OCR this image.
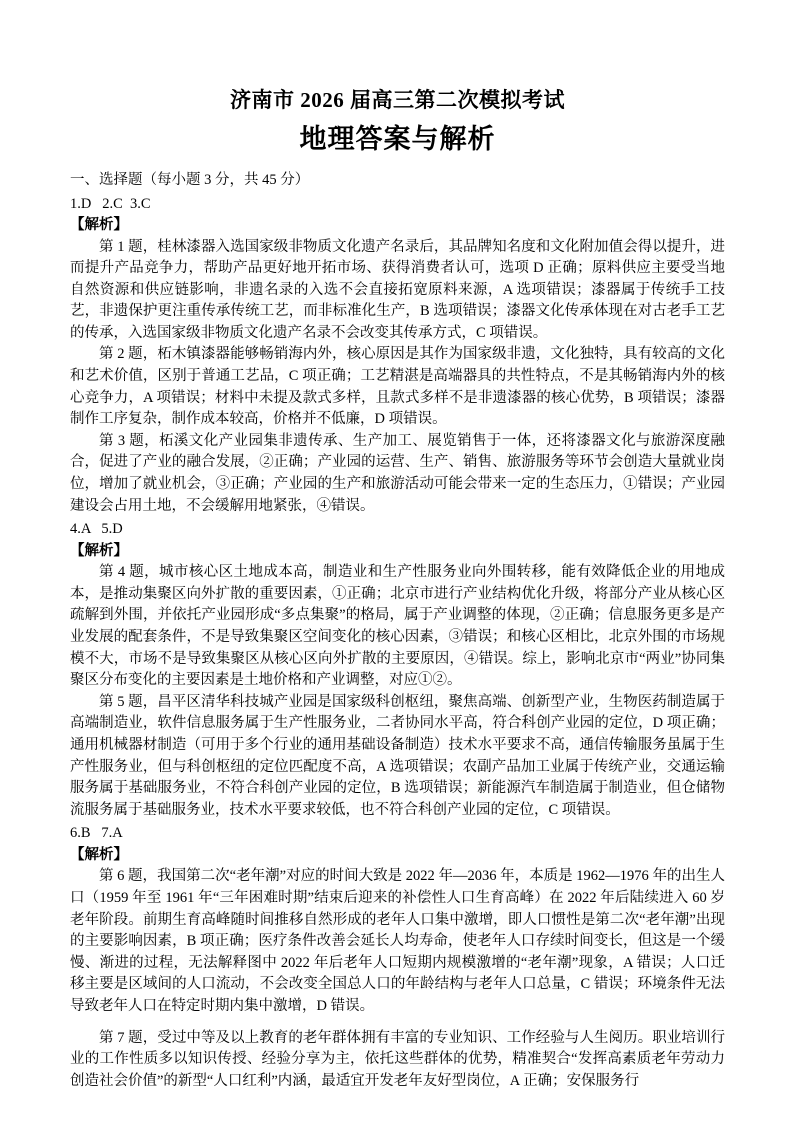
济南市 2026 届高三第二次模拟考试
地理答案与解析

一、选择题（每小题 3 分，共 45 分）

1.D   2.C  3.C

【解析】

第 1 题，桂林漆器入选国家级非物质文化遗产名录后，其品牌知名度和文化附加值会得以提升，进而提升产品竞争力，帮助产品更好地开拓市场、获得消费者认可，选项 D 正确；原料供应主要受当地自然资源和供应链影响，非遗名录的入选不会直接拓宽原料来源，A 选项错误；漆器属于传统手工技艺，非遗保护更注重传承传统工艺，而非标准化生产，B 选项错误；漆器文化传承体现在对古老手工艺的传承，入选国家级非物质文化遗产名录不会改变其传承方式，C 项错误。

第 2 题，柘木镇漆器能够畅销海内外，核心原因是其作为国家级非遗，文化独特，具有较高的文化和艺术价值，区别于普通工艺品，C 项正确；工艺精湛是高端器具的共性特点，不是其畅销海内外的核心竞争力，A 项错误；材料中未提及款式多样，且款式多样不是非遗漆器的核心优势，B 项错误；漆器制作工序复杂，制作成本较高，价格并不低廉，D 项错误。

第 3 题，柘溪文化产业园集非遗传承、生产加工、展览销售于一体，还将漆器文化与旅游深度融合，促进了产业的融合发展，②正确；产业园的运营、生产、销售、旅游服务等环节会创造大量就业岗位，增加了就业机会，③正确；产业园的生产和旅游活动可能会带来一定的生态压力，①错误；产业园建设会占用土地，不会缓解用地紧张，④错误。

4.A   5.D

【解析】

第 4 题，城市核心区土地成本高，制造业和生产性服务业向外围转移，能有效降低企业的用地成本，是推动集聚区向外扩散的重要因素，①正确；北京市进行产业结构优化升级，将部分产业从核心区疏解到外围，并依托产业园形成“多点集聚”的格局，属于产业调整的体现，②正确；信息服务更多是产业发展的配套条件，不是导致集聚区空间变化的核心因素，③错误；和核心区相比，北京外围的市场规模不大，市场不是导致集聚区从核心区向外扩散的主要原因，④错误。综上，影响北京市“两业”协同集聚区分布变化的主要因素是土地价格和产业调整，对应①②。

第 5 题，昌平区清华科技城产业园是国家级科创枢纽，聚焦高端、创新型产业，生物医药制造属于高端制造业，软件信息服务属于生产性服务业，二者协同水平高，符合科创产业园的定位，D 项正确；通用机械器材制造（可用于多个行业的通用基础设备制造）技术水平要求不高，通信传输服务虽属于生产性服务业，但与科创枢纽的定位匹配度不高，A 选项错误；农副产品加工业属于传统产业，交通运输服务属于基础服务业，不符合科创产业园的定位，B 选项错误；新能源汽车制造属于制造业，但仓储物流服务属于基础服务业，技术水平要求较低，也不符合科创产业园的定位，C 项错误。

6.B   7.A

【解析】

第 6 题，我国第二次“老年潮”对应的时间大致是 2022 年—2036 年，本质是 1962—1976 年的出生人口（1959 年至 1961 年“三年困难时期”结束后迎来的补偿性人口生育高峰）在 2022 年后陆续进入 60 岁老年阶段。前期生育高峰随时间推移自然形成的老年人口集中激增，即人口惯性是第二次“老年潮”出现的主要影响因素，B 项正确；医疗条件改善会延长人均寿命，使老年人口存续时间变长，但这是一个缓慢、渐进的过程，无法解释图中 2022 年后老年人口短期内规模激增的“老年潮”现象，A 错误；人口迁移主要是区域间的人口流动，不会改变全国总人口的年龄结构与老年人口总量，C 错误；环境条件无法导致老年人口在特定时期内集中激增，D 错误。

第 7 题，受过中等及以上教育的老年群体拥有丰富的专业知识、工作经验与人生阅历。职业培训行业的工作性质多以知识传授、经验分享为主，依托这些群体的优势，精准契合“发挥高素质老年劳动力创造社会价值”的新型“人口红利”内涵，最适宜开发老年友好型岗位，A 正确；安保服务行
